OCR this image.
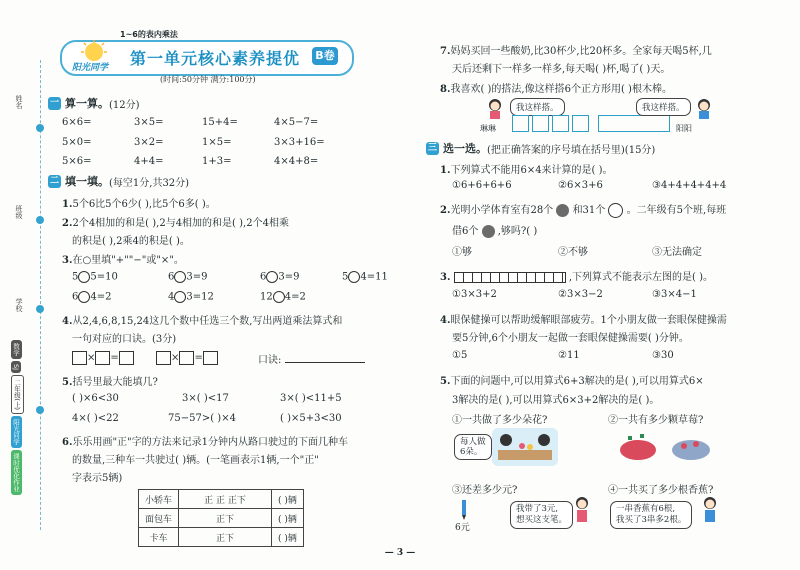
姓名
班级
学校
数学
SJ
二年级(上)
阳光同学
课时优化作业
1~6的表内乘法
阳光同学 第一单元核心素养提优 B卷
(时间:50分钟 满分:100分)
一 算一算。 (12分)
6×6=	3×5=	15+4=	4×5−7=
5×0=	3×2=	1×5=	3×3+16=
5×6=	4+4=	1+3=	4×4+8=
二 填一填。 (每空1分,共32分)
1.5个6比5个6少( ),比5个6多( )。
2.2个4相加的和是( ),2与4相加的和是( ),2个4相乘
的积是( ),2乘4的积是( )。
3.在○里填"+""−"或"×"。
5 5=10	6 3=9	6 3=9	5 4=11
6 4=2	4 3=12	12 4=2
4.从2,4,6,8,15,24这几个数中任选三个数,写出两道乘法算式和
一句对应的口诀。(3分)
× =	× =	口诀:
5.括号里最大能填几?
( )×6<30	3×( )<17	3×( )<11+5
4×( )<22	75−57>( )×4	( )×5+3<30
6.乐乐用画"正"字的方法来记录1分钟内从路口驶过的下面几种车
的数量,三种车一共驶过( )辆。(一笔画表示1辆,一个"正"
字表示5辆)
小轿车	正 正 正下	( )辆
面包车	正下	( )辆
卡车	正下	( )辆
7.妈妈买回一些酸奶,比30杯少,比20杯多。全家每天喝5杯,几
天后还剩下一样多一样多,每天喝( )杯,喝了( )天。
8.我喜欢( )的搭法,像这样搭6个正方形用( )根木棒。
我这样搭。
琳琳
我这样搭。
阳阳
三 选一选。 (把正确答案的序号填在括号里)(15分)
1.下列算式不能用6×4来计算的是( )。
①6+6+6+6	②6×3+6	③4+4+4+4+4
2.光明小学体育室有28个 和31个 。二年级有5个班,每班
借6个 ,够吗?( )
①够	②不够	③无法确定
3.	,下列算式不能表示左图的是( )。
①3×3+2	②3×3−2	③3×4−1
4.眼保健操可以帮助缓解眼部疲劳。1个小朋友做一套眼保健操需
要5分钟,6个小朋友一起做一套眼保健操需要( )分钟。
①5	②11	③30
5.下面的问题中,可以用算式6+3解决的是( ),可以用算式6×
3解决的是( ),可以用算式6×3+2解决的是( )。
①一共做了多少朵花?	②一共有多少颗草莓?
每人做
6朵。
③还差多少元?	④一共买了多少根香蕉?
6元
我带了3元,
想买这支笔。
一串香蕉有6根,
我买了3串多2根。
— 3 —
